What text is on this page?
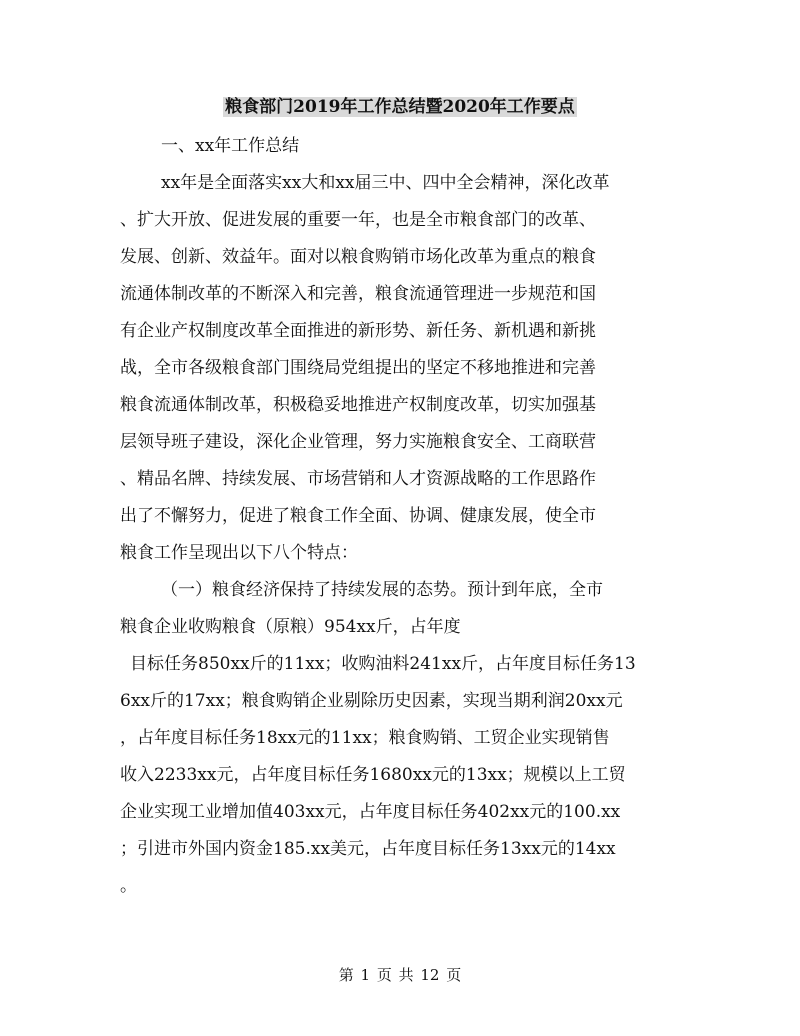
粮食部门2019年工作总结暨2020年工作要点
一、xx年工作总结
xx年是全面落实xx大和xx届三中、四中全会精神，深化改革
、扩大开放、促进发展的重要一年，也是全市粮食部门的改革、
发展、创新、效益年。面对以粮食购销市场化改革为重点的粮食
流通体制改革的不断深入和完善，粮食流通管理进一步规范和国
有企业产权制度改革全面推进的新形势、新任务、新机遇和新挑
战，全市各级粮食部门围绕局党组提出的坚定不移地推进和完善
粮食流通体制改革，积极稳妥地推进产权制度改革，切实加强基
层领导班子建设，深化企业管理，努力实施粮食安全、工商联营
、精品名牌、持续发展、市场营销和人才资源战略的工作思路作
出了不懈努力，促进了粮食工作全面、协调、健康发展，使全市
粮食工作呈现出以下八个特点：
（一）粮食经济保持了持续发展的态势。预计到年底，全市
粮食企业收购粮食（原粮）954xx斤，占年度
目标任务850xx斤的11xx；收购油料241xx斤，占年度目标任务13
6xx斤的17xx；粮食购销企业剔除历史因素，实现当期利润20xx元
，占年度目标任务18xx元的11xx；粮食购销、工贸企业实现销售
收入2233xx元，占年度目标任务1680xx元的13xx；规模以上工贸
企业实现工业增加值403xx元，占年度目标任务402xx元的100.xx
；引进市外国内资金185.xx美元，占年度目标任务13xx元的14xx
。
第 1 页 共 12 页
